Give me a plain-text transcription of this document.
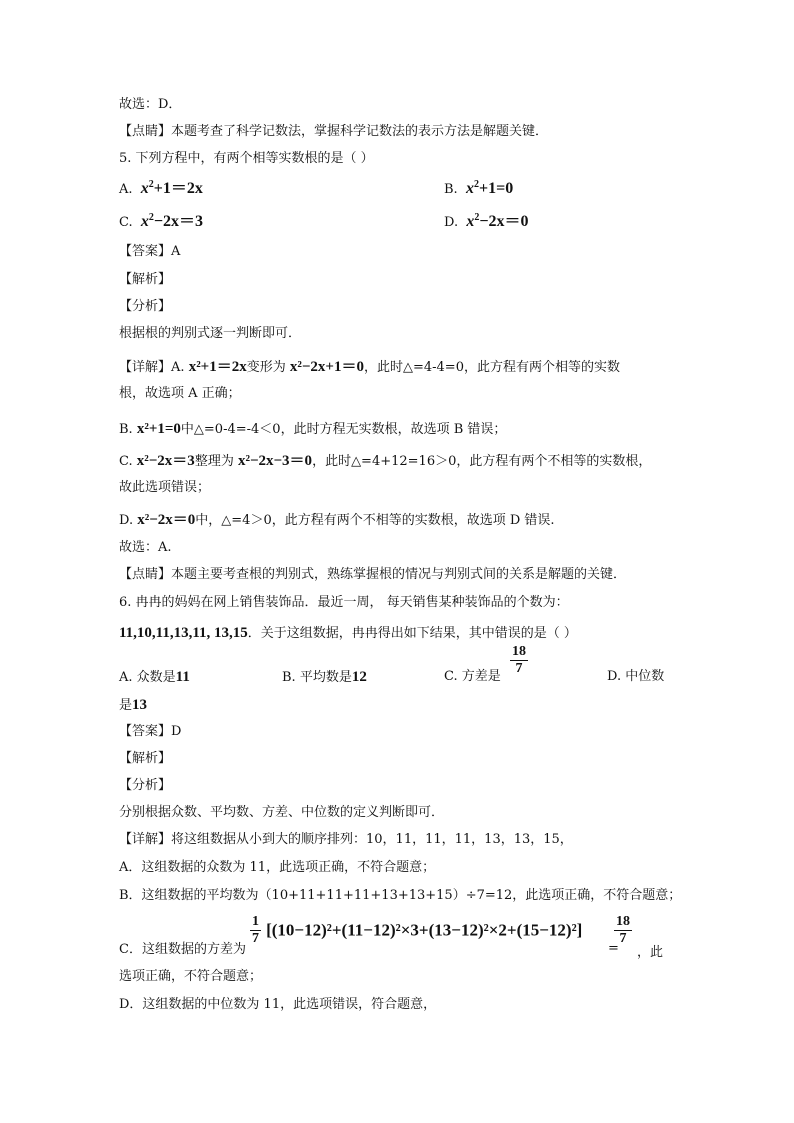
故选：D．
【点睛】本题考查了科学记数法，掌握科学记数法的表示方法是解题关键．
5. 下列方程中，有两个相等实数根的是（ ）
A. $x^2+1=2x$	B. $x^2+1=0$
C. $x^2-2x=3$	D. $x^2-2x=0$
【答案】A
【解析】
【分析】
根据根的判别式逐一判断即可．
【详解】A. x²+1＝2x变形为 x²−2x+1＝0，此时△=4-4=0，此方程有两个相等的实数
根，故选项 A 正确；
B. x²+1=0中△=0-4=-4＜0，此时方程无实数根，故选项 B 错误；
C. x²−2x＝3整理为 x²−2x−3＝0，此时△=4+12=16＞0，此方程有两个不相等的实数根，
故此选项错误；
D. x²−2x＝0中，△=4＞0，此方程有两个不相等的实数根，故选项 D 错误.
故选：A.
【点睛】本题主要考查根的判别式，熟练掌握根的情况与判别式间的关系是解题的关键．
6. 冉冉的妈妈在网上销售装饰品．最近一周， 每天销售某种装饰品的个数为：
11,10,11,13,11, 13,15．关于这组数据，冉冉得出如下结果，其中错误的是（ ）
A. 众数是11	B. 平均数是12	C. 方差是 $\frac{18}{7}$	D. 中位数
是13
【答案】D
【解析】
【分析】
分别根据众数、平均数、方差、中位数的定义判断即可．
【详解】将这组数据从小到大的顺序排列：10，11，11，11，13，13，15，
A．这组数据的众数为 11，此选项正确，不符合题意；
B．这组数据的平均数为（10+11+11+11+13+13+15）÷7=12，此选项正确，不符合题意；
C．这组数据的方差为
$\frac{1}{7} [(10-12)^2+(11-12)^2\times 3+(13-12)^2\times 2+(15-12)^2]$
=
$\frac{18}{7}$
，此
选项正确，不符合题意；
D．这组数据的中位数为 11，此选项错误，符合题意，
